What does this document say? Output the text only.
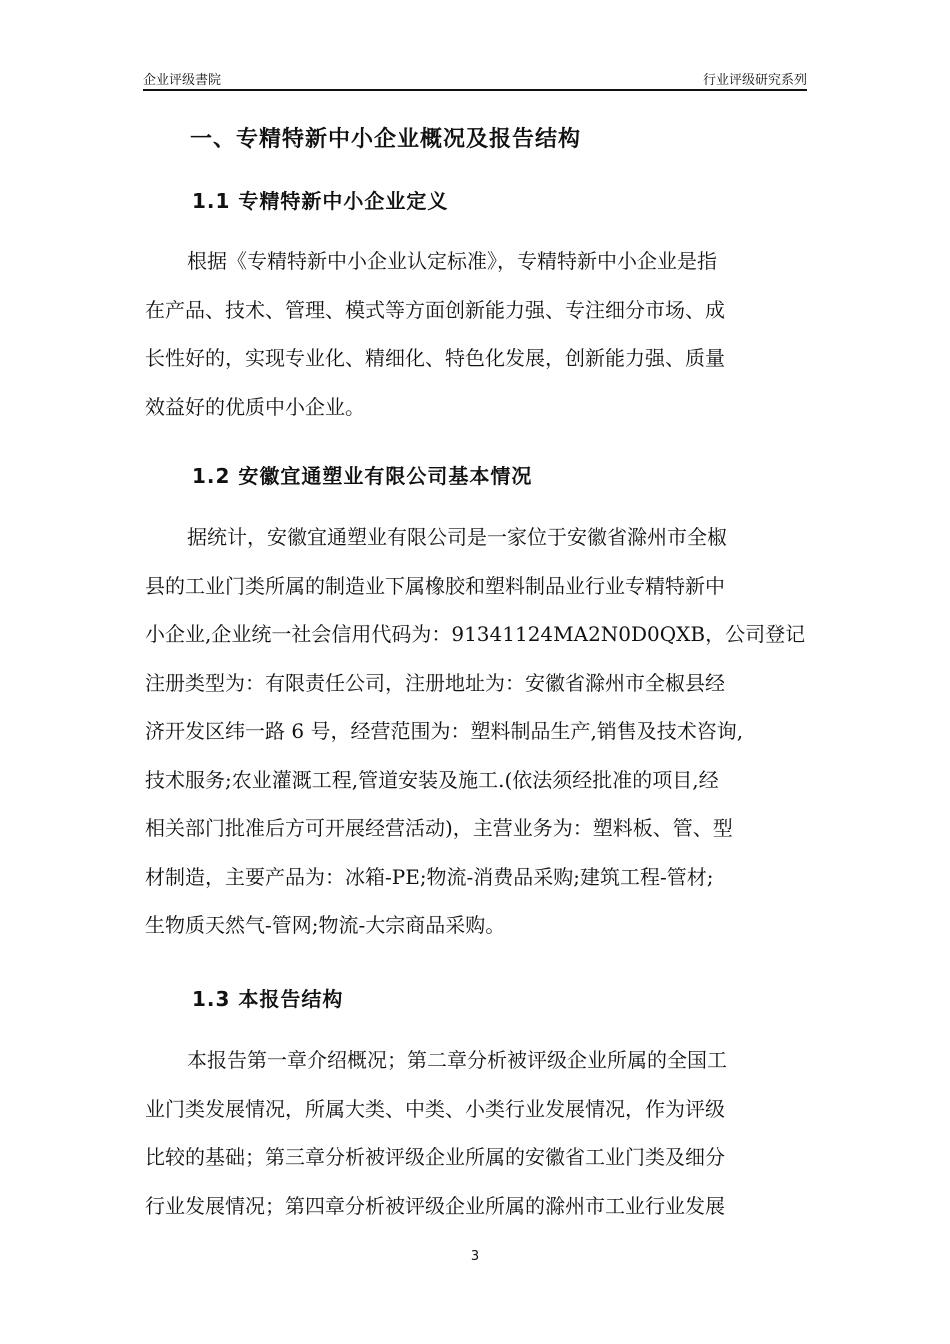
企业评级書院	行业评级研究系列
一、专精特新中小企业概况及报告结构
1.1 专精特新中小企业定义
根据《专精特新中小企业认定标准》，专精特新中小企业是指
在产品、技术、管理、模式等方面创新能力强、专注细分市场、成
长性好的，实现专业化、精细化、特色化发展，创新能力强、质量
效益好的优质中小企业。
1.2 安徽宜通塑业有限公司基本情况
据统计，安徽宜通塑业有限公司是一家位于安徽省滁州市全椒
县的工业门类所属的制造业下属橡胶和塑料制品业行业专精特新中
小企业,企业统一社会信用代码为：91341124MA2N0D0QXB，公司登记
注册类型为：有限责任公司，注册地址为：安徽省滁州市全椒县经
济开发区纬一路 6 号，经营范围为：塑料制品生产,销售及技术咨询,
技术服务;农业灌溉工程,管道安装及施工.(依法须经批准的项目,经
相关部门批准后方可开展经营活动)，主营业务为：塑料板、管、型
材制造，主要产品为：冰箱-PE;物流-消费品采购;建筑工程-管材;
生物质天然气-管网;物流-大宗商品采购。
1.3 本报告结构
本报告第一章介绍概况；第二章分析被评级企业所属的全国工
业门类发展情况，所属大类、中类、小类行业发展情况，作为评级
比较的基础；第三章分析被评级企业所属的安徽省工业门类及细分
行业发展情况；第四章分析被评级企业所属的滁州市工业行业发展
3
